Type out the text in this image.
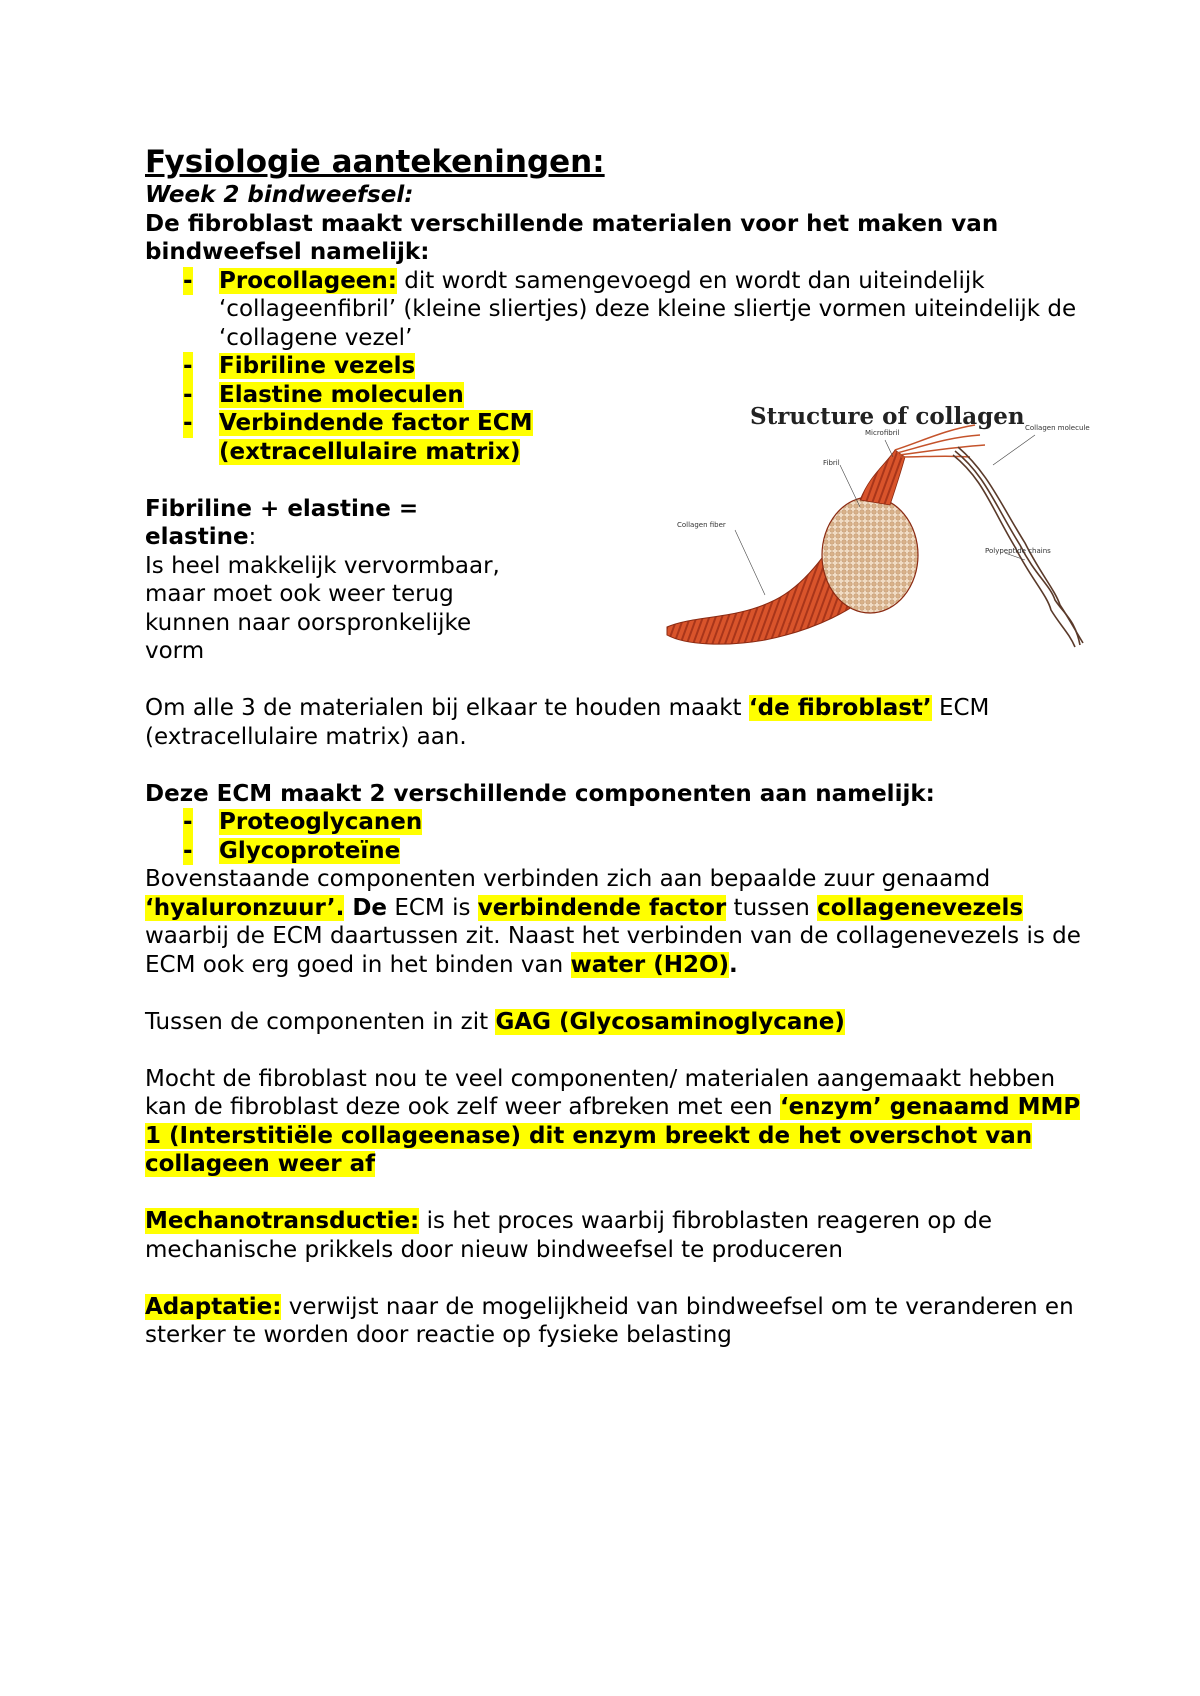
Fysiologie aantekeningen:
Week 2 bindweefsel:

De fibroblast maakt verschillende materialen voor het maken van bindweefsel namelijk:

- Procollageen: dit wordt samengevoegd en wordt dan uiteindelijk ‘collageenfibril’ (kleine sliertjes) deze kleine sliertje vormen uiteindelijk de ‘collagene vezel’
- Fibriline vezels
- Elastine moleculen
- Verbindende factor ECM (extracellulaire matrix)
Fibriline + elastine = elastine:
Is heel makkelijk vervormbaar, maar moet ook weer terug kunnen naar oorspronkelijke vorm

Om alle 3 de materialen bij elkaar te houden maakt ‘de fibroblast’ ECM (extracellulaire matrix) aan.

Deze ECM maakt 2 verschillende componenten aan namelijk:

- Proteoglycanen
- Glycoproteïne

Bovenstaande componenten verbinden zich aan bepaalde zuur genaamd ‘hyaluronzuur’. De ECM is verbindende factor tussen collagenevezels waarbij de ECM daartussen zit. Naast het verbinden van de collagenevezels is de ECM ook erg goed in het binden van water (H2O).

Tussen de componenten in zit GAG (Glycosaminoglycane)

Mocht de fibroblast nou te veel componenten/ materialen aangemaakt hebben kan de fibroblast deze ook zelf weer afbreken met een ‘enzym’ genaamd MMP 1 (Interstitiële collageenase) dit enzym breekt de het overschot van collageen weer af

Mechanotransductie: is het proces waarbij fibroblasten reageren op de mechanische prikkels door nieuw bindweefsel te produceren

Adaptatie: verwijst naar de mogelijkheid van bindweefsel om te veranderen en sterker te worden door reactie op fysieke belasting

Microfibril
Collagen molecule
Fibril
Collagen fiber
Polypeptide chains
Structure of collagen
